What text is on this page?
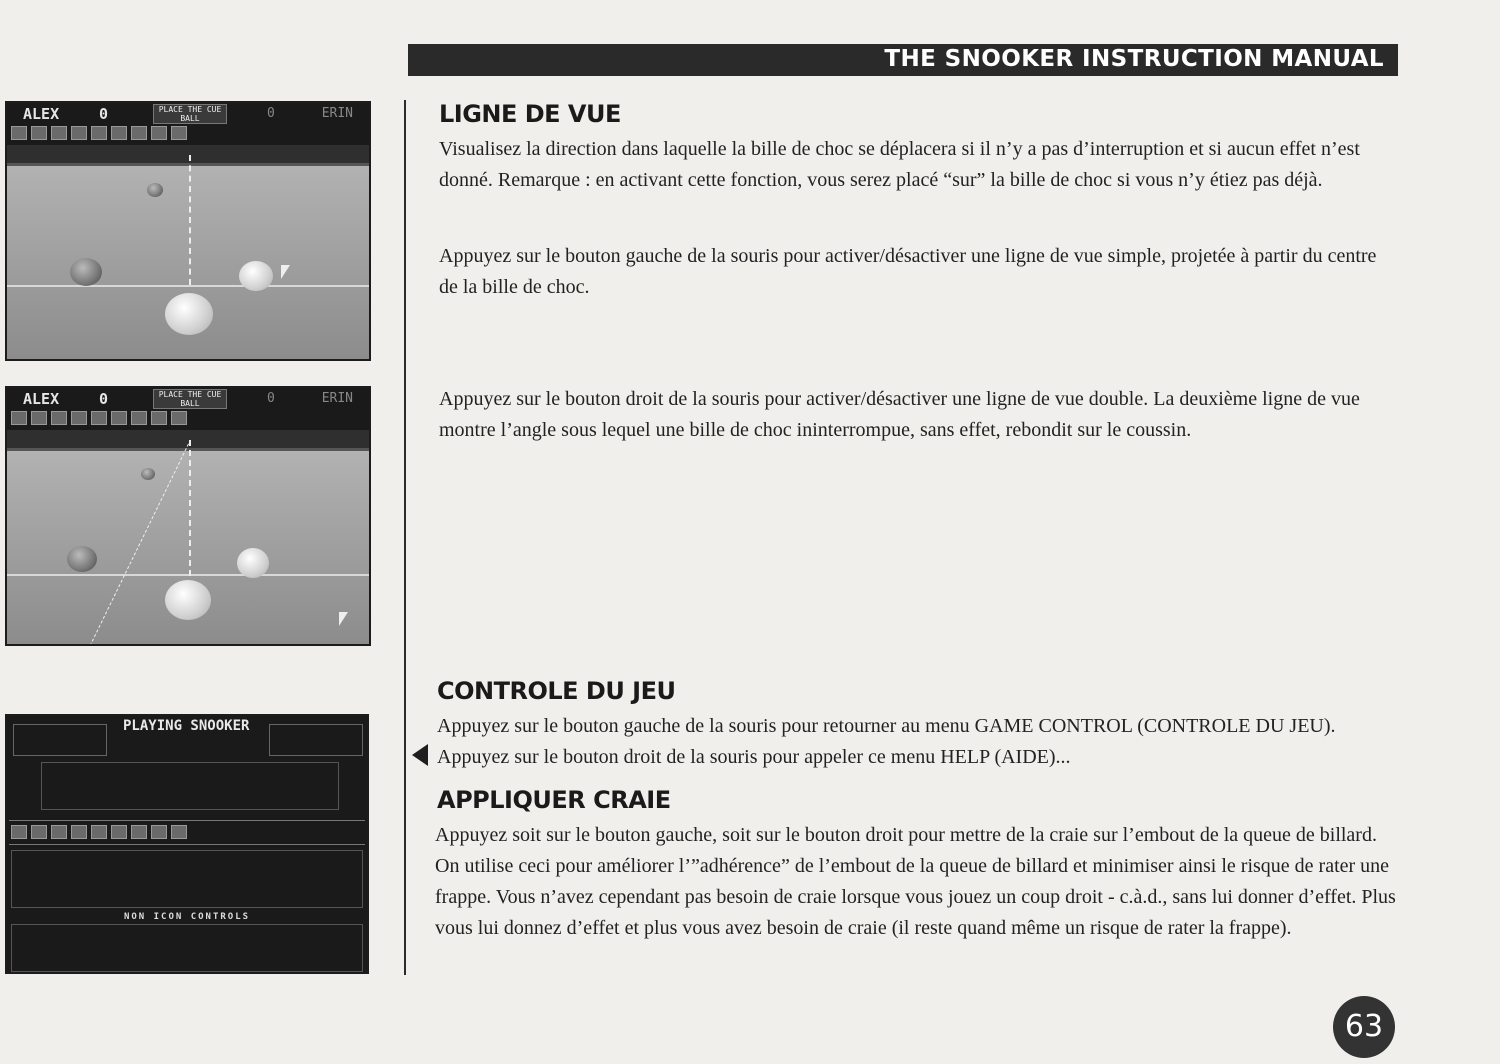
THE SNOOKER INSTRUCTION MANUAL
ALEX	0	PLACE THE CUE BALL	0	ERIN
ALEX	0	PLACE THE CUE BALL	0	ERIN
PLAYING SNOOKER
NON ICON CONTROLS
LIGNE DE VUE

Visualisez la direction dans laquelle la bille de choc se déplacera si il n’y a pas d’interruption et si aucun effet n’est donné. Remarque : en activant cette fonction, vous serez placé “sur” la bille de choc si vous n’y étiez pas déjà.

Appuyez sur le bouton gauche de la souris pour activer/désactiver une ligne de vue simple, projetée à partir du centre de la bille de choc.

Appuyez sur le bouton droit de la souris pour activer/désactiver une ligne de vue double. La deuxième ligne de vue montre l’angle sous lequel une bille de choc ininterrompue, sans effet, rebondit sur le coussin.

CONTROLE DU JEU

Appuyez sur le bouton gauche de la souris pour retourner au menu GAME CONTROL (CONTROLE DU JEU). Appuyez sur le bouton droit de la souris pour appeler ce menu HELP (AIDE)...

APPLIQUER CRAIE

Appuyez soit sur le bouton gauche, soit sur le bouton droit pour mettre de la craie sur l’embout de la queue de billard. On utilise ceci pour améliorer l’”adhérence” de l’embout de la queue de billard et minimiser ainsi le risque de rater une frappe. Vous n’avez cependant pas besoin de craie lorsque vous jouez un coup droit - c.à.d., sans lui donner d’effet. Plus vous lui donnez d’effet et plus vous avez besoin de craie (il reste quand même un risque de rater la frappe).

63
